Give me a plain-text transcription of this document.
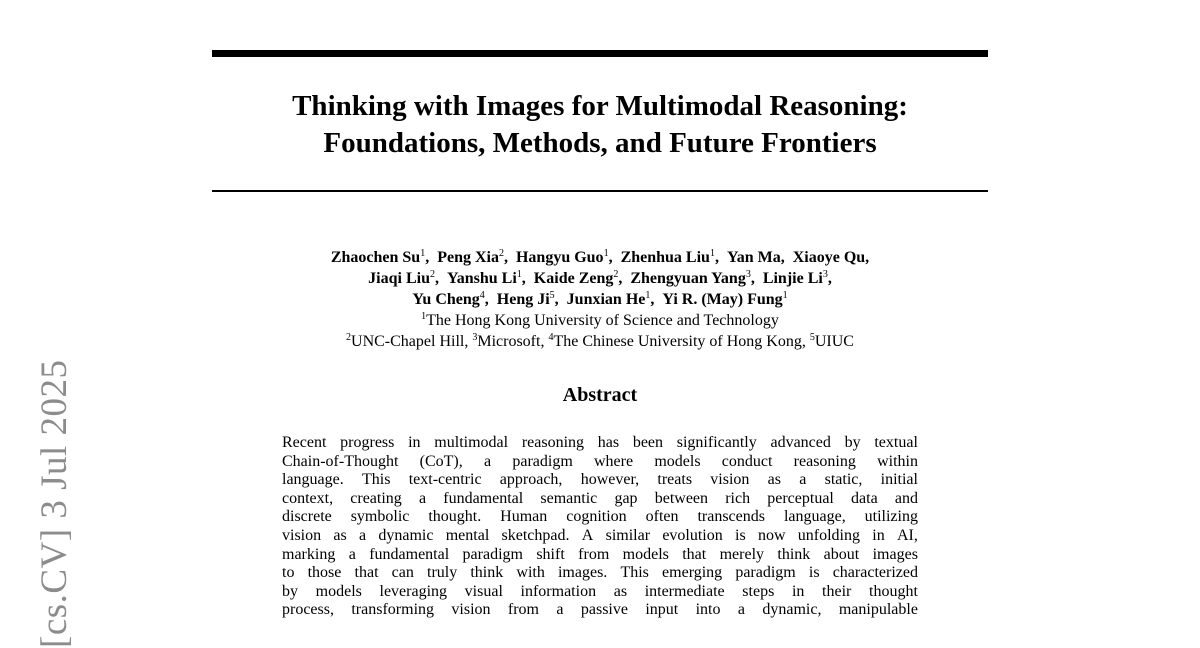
[cs.CV] 3 Jul 2025
Thinking with Images for Multimodal Reasoning:
Foundations, Methods, and Future Frontiers
Zhaochen Su$^1$, Peng Xia$^2$, Hangyu Guo$^1$, Zhenhua Liu$^1$, Yan Ma, Xiaoye Qu,
Jiaqi Liu$^2$, Yanshu Li$^1$, Kaide Zeng$^2$, Zhengyuan Yang$^3$, Linjie Li$^3$,
Yu Cheng$^4$, Heng Ji$^5$, Junxian He$^1$, Yi R. (May) Fung$^1$
$^1$The Hong Kong University of Science and Technology
$^2$UNC-Chapel Hill, $^3$Microsoft, $^4$The Chinese University of Hong Kong, $^5$UIUC
Abstract
Recent progress in multimodal reasoning has been significantly advanced by textual
Chain-of-Thought (CoT), a paradigm where models conduct reasoning within
language. This text-centric approach, however, treats vision as a static, initial
context, creating a fundamental semantic gap between rich perceptual data and
discrete symbolic thought. Human cognition often transcends language, utilizing
vision as a dynamic mental sketchpad. A similar evolution is now unfolding in AI,
marking a fundamental paradigm shift from models that merely think about images
to those that can truly think with images. This emerging paradigm is characterized
by models leveraging visual information as intermediate steps in their thought
process, transforming vision from a passive input into a dynamic, manipulable
